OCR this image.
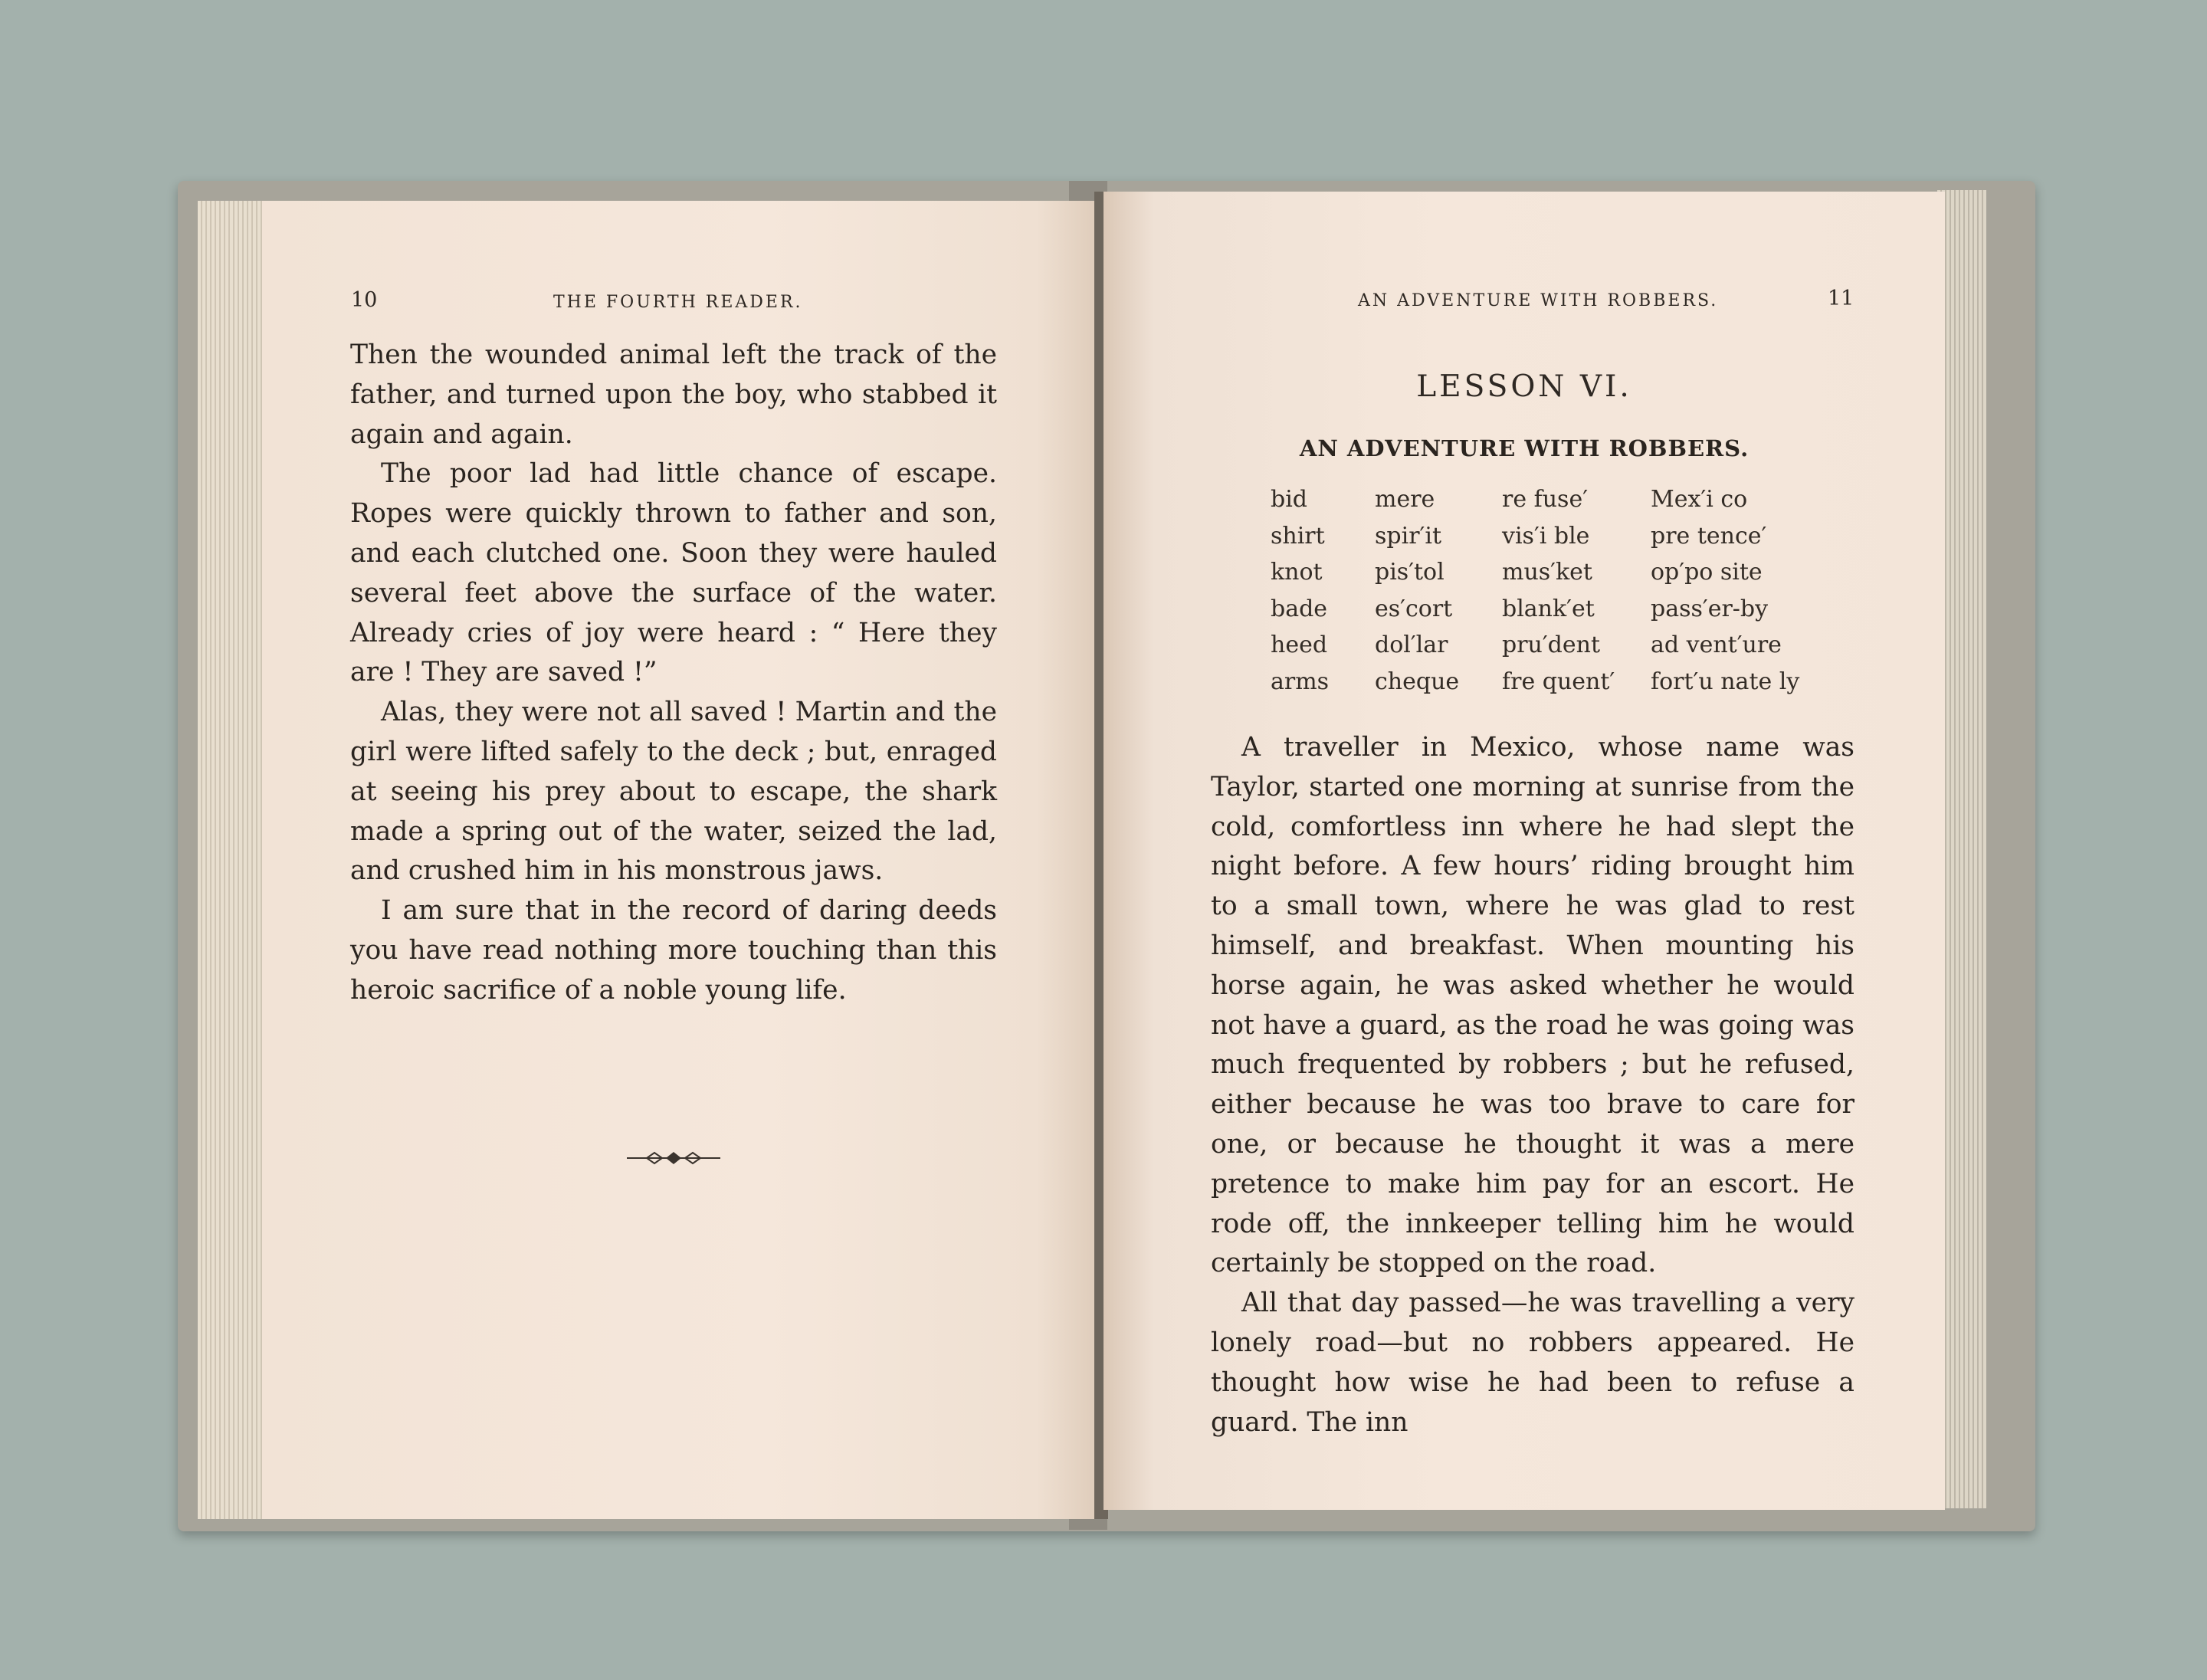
10	THE FOURTH READER.

Then the wounded animal left the track of the father, and turned upon the boy, who stabbed it again and again.

The poor lad had little chance of escape. Ropes were quickly thrown to father and son, and each clutched one. Soon they were hauled several feet above the surface of the water. Already cries of joy were heard : “ Here they are ! They are saved !”

Alas, they were not all saved ! Martin and the girl were lifted safely to the deck ; but, enraged at seeing his prey about to escape, the shark made a spring out of the water, seized the lad, and crushed him in his monstrous jaws.

I am sure that in the record of daring deeds you have read nothing more touching than this heroic sacrifice of a noble young life.

AN ADVENTURE WITH ROBBERS.	11
LESSON VI.
AN ADVENTURE WITH ROBBERS.
bid
shirt
knot
bade
heed
arms
mere
spir′it
pis′tol
es′cort
dol′lar
cheque
re fuse′
vis′i ble
mus′ket
blank′et
pru′dent
fre quent′
Mex′i co
pre tence′
op′po site
pass′er-by
ad vent′ure
fort′u nate ly

A traveller in Mexico, whose name was Taylor, started one morning at sunrise from the cold, comfortless inn where he had slept the night before. A few hours’ riding brought him to a small town, where he was glad to rest himself, and breakfast. When mounting his horse again, he was asked whether he would not have a guard, as the road he was going was much frequented by robbers ; but he refused, either because he was too brave to care for one, or because he thought it was a mere pretence to make him pay for an escort. He rode off, the innkeeper telling him he would certainly be stopped on the road.

All that day passed—he was travelling a very lonely road—but no robbers appeared. He thought how wise he had been to refuse a guard. The inn
